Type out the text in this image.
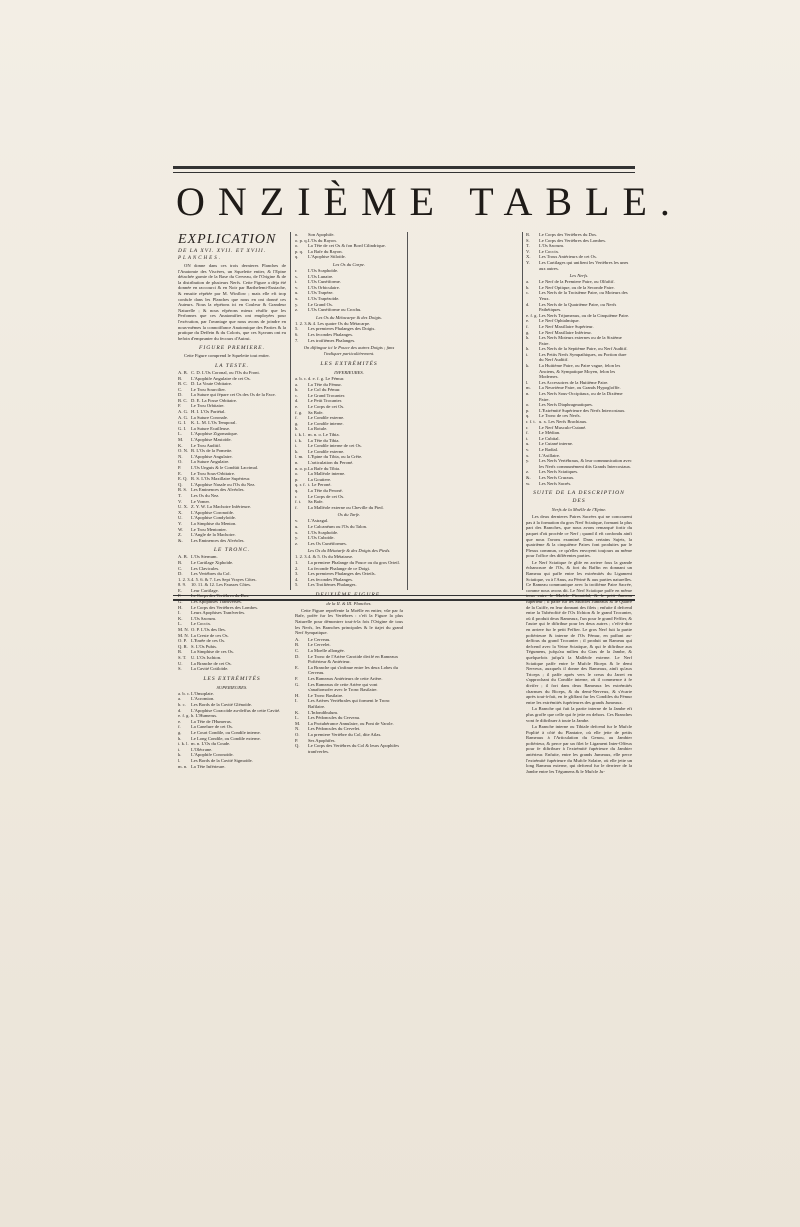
ONZIÈME TABLE.
EXPLICATION
DE LA XVI. XVII. ET XVIII.
PLANCHES.
ON donne dans ces trois dernieres Planches de l'Anatomie des Viscères, un Squelette entier, & l'Epine détachée garnie de la Base du Cerveau, de l'Origine & de la distribution de plusieurs Nerfs. Cette Figure a déja été donnée en raccourci & en Noir par Barthelemi-Eustache, & ensuite répétée par M. Winflow ; mais elle eft trop confufe dans les Planches que nous en ont donné ces Auteurs. Nous la répétons ici en Couleur & Grandeur Naturelle ; & nous efpérons mieux réuffir que les Perfonnes que ces Anatomiftes ont employées pour l'exécution, par l'avantage que nous avons de joindre en nous-mêmes la connoiffance Anatomique des Parties & la pratique du Deffein & du Coloris, que ces Sçavans ont eu befoin d'emprunter du fecours d'Autrui.
FIGURE PREMIERE.
Cette Figure comprend le Squelette tout entier.
LA TESTE.
A. B. C. D. L'Os Coronal, ou l'Os du Front.
B.	L'Apophife Angulaire de cet Os.
B. C. D. La Voute Orbitaire.
C.	Le Trou Sourcilier.
D.	La Suture qui fépare cet Os des Os de la Face.
B. C. D. E. La Fosse Orbitaire.
F.	Le Trou Orbitaire.
A. G. H. I. L'Os Pariétal.
A. G. La Suture Coronale.
G. I.	K. L. M. L'Os Temporal.
G. I.	La Suture Ecailleuse.
L.	L'Apophise Zigomatique.
M.	L'Apophise Mastoïde.
K.	Le Trou Auditif.
O. N. B. L'Os de la Pomette.
N.	L'Apophise Angulaire.
O.	La Suture Angulaire.
P.	L'Os Unguis & le Condüit Lacrimal.
E.	Le Trou Sous-Orbitaire.
E. Q. R. S. L'Os Maxillaire Supérieur.
Q.	L'Apophise Nasale ou l'Os du Nez.
R. S. Les Eminences des Alvéoles.
T.	Les Os du Nez.
V.	Le Vomer.
U. X. Z. Y. W. La Machoire Inférieure.
X.	L'Apophise Coronoïde.
U.	L'Apophise Condyloïde.
Y.	La Simphise du Menton.
W.	Le Trou Mentonier.
Z.	L'Angle de la Machoire.
&.	Les Eminences des Alvéoles.
LE TRONC.
A. B. L'Os Sternum.
B.	Le Cartilage Xiphoïde.
C.	Les Clavicules.
D.	Les Vertèbres du Col.
1. 2. 3. 4. 5. 6. & 7. Les Sept Vrayes Côtes.
8. 9.	10. 11. & 12. Les Fausses Côtes.
E.	Leur Cartilage.
F.	Le Corps des Vertèbres du Dos.
G.	Les Apophises Transverses.
H.	Le Corps des Vertèbres des Lombes.
I.	Leurs Apophises Tranfverfes.
K.	L'Os Sacrum.
L.	Le Coccix.
M. N. O. P. L'Os des Iles.
M. N. La Creste de ces Os.
O. P. L'Enrêe de ces Os.
Q. R. S. L'Os Pubis.
R.	La Simphise de ces Os.
S. T.	U. L'Os Ischion.
U.	La Branche de cet Os.
S.	La Cavité Cotiloïde.
LES EXTRÉMITÉS
SUPERIEURES.
a. b. c. L'Omoplate.
a.	L'Acromion.
b. c.	Les Bords de la Cavité Glénoïde.
d.	L'Apophise Coracoïde au-deffus de cette Cavité.
e. f. g. h. L'Humerus.
e.	La Tête de l'Humerus.
f.	La Canelure de cet Os.
g.	Le Court Condile, ou Condile interne.
h.	Le Long Condile, ou Condile externe.
i. k. l. m. n. L'Os du Coude.
i.	L'Olécrane.
k.	L'Apophife Coronoïde.
l.	Les Bords de la Cavité Sigmoïde.
m. n. La Tête Inférieure.
n.	Son Apophife.
o. p. q. L'Os du Rayon.
o.	La Tête de cet Os & fon Bord Cilindrique.
p. q.	La Bafe du Rayon.
q.	L'Apophise Stiloïde.
Les Os du Carpe.
r.	L'Os Scaphoïde.
s.	L'Os Lunaire.
t.	L'Os Cunéiforme.
v.	L'Os Orbiculaire.
u.	L'Os Trapéze.
x.	L'Os Trapézoïde.
y.	Le Grand Os.
z.	L'Os Cunéiforme ou Crochu.
Les Os du Métacarpe & des Doigts.
1. 2. 3. & 4. Les quatre Os du Métacarpe.
5.	Les premieres Phalanges des Doigts.
6.	Les fecondes Phalanges.
7.	Les troifièmes Phalanges.
On diftingue ici le Pouce des autres Doigts ; fans l'indiquer particuliérement.
LES EXTRÉMITÉS
INFERIEURES.
a. b. c. d. e. f. g. Le Fémur.
a.	La Tête du Fémur.
b.	Le Col du Fémur.
c.	Le Grand Trocanter.
d.	Le Petit Trocanter.
e.	Le Corps de cet Os.
f. g.	Sa Bafe.
f.	Le Condile externe.
g.	Le Condile interne.
h.	La Rotule.
i. k. l. m. n. o. Le Tibia.
i. k.	La Tête du Tibia.
i.	Le Condile interne de cet Os.
k.	Le Condile externe.
l. m.	L'Epine du Tibia, ou la Crête.
n.	L'articulation du Peroné.
n. o. p. La Bafe du Tibia.
o.	La Malléole interne.
p.	La Goutiere.
q. r. f. t. Le Peroné.
q.	La Tête du Peroné.
r.	Le Corps de cet Os.
f. t.	Sa Bafe.
f.	La Malléole externe ou Cheville du Pied.
Os du Tarfe.
v.	L'Astragal.
u.	Le Calcanéum ou l'Os du Talon.
x.	L'Os Scaphoïde.
y.	L'Os Cuboïde.
z.	Les Os Cunéiformes.
Les Os du Métatarfe & des Doigts des Pieds.
1. 2. 3. 4. & 5. Os du Métatarse.
1.	La premiere Phalange du Pouce ou du gros Orteil.
2.	La feconde Phalange de ce Doigt.
3.	Les premieres Phalanges des Orteils.
4.	Les fecondes Phalanges.
5.	Les Troifièmes Phalanges.
DEUXIÈME FIGURE.
de la II. & III. Planches.
Cette Figure repréfente la Moëlle en entier, vûe par fa Bafe, pofée fur les Vertèbres : c'eft la Figure la plus Naturelle pour démontrer tout-à-la fois l'Origine de tous les Nerfs, les Branches principales & le tiajet du grand Nerf Sympatique.
A.	Le Cerveau.
B.	Le Cervelet.
C.	La Moelle allongée.
D.	Le Tronc de l'Artère Carotide divifé en Rameaux Poftérieur & Antérieur.
E.	La Branche qui s'infinue entre les deux Lobes du Cerveau.
F.	Les Rameaux Antérieurs de cette Artère.
G.	Les Rameaux de cette Artère qui vont s'anaftomofer avec le Tronc Basilaire.
H.	Le Tronc Basilaire.
I.	Les Artères Vertébrales qui forment le Tronc Bafilaire.
K.	L'Infondibulum.
L.	Les Pédoncules du Cerveau.
M.	La Protubérance Annulaire, ou Pont de Varole.
N.	Les Pédoncules du Cervelet.
O.	La premiere Vertèbre du Col, dite Atlas.
P.	Ses Apophifes.
Q.	Le Corps des Vertèbres du Col & leurs Apophifes tranfverfes.
R.	Le Corps des Vertèbres du Dos.
S.	Le Corps des Vertèbres des Lombes.
T.	L'Os Sacrum.
V.	Le Coccix.
X.	Les Trous Antérieurs de cet Os.
Y.	Les Cartilages qui unifient les Vertèbres les unes aux autres.
Les Nerfs.
a.	Le Nerf de la Premiere Paire, ou Olfaftif.
b.	Le Nerf Optique, ou de la Seconde Paire.
c.	Les Nerfs de la Troisième Paire, ou Moteurs des Yeux.
d.	Les Nerfs de la Quatrième Paire, ou Nerfs Pathétiques.
e. f. g. Les Nerfs Trijumeaux, ou de la Cinquième Paire.
e.	Le Nerf Ophtalmique.
f.	Le Nerf Maxillaire Supérieur.
g.	Le Nerf Maxillaire Inférieur.
h.	Les Nerfs Moteurs externes ou de la Sixième Paire.
h.	Les Nerfs de la Septième Paire, ou Nerf Auditif.
i.	Les Petits Nerfs Sympathiques, ou Portion dure du Nerf Auditif.
k.	La Huitième Paire, ou Paire vague, felon les Anciens, & Sympatique Moyen, felon les Modernes.
l.	Les Accessoires de la Huitième Paire.
m.	La Neuvième Paire, ou Grands Hypoglofffe.
n.	Les Nerfs Sous-Occipitaux, ou de la Dixième Paire.
o.	Les Nerfs Diaphragmatiques.
p.	L'Extrémité Supérieure des Nerfs Intercostaux.
q.	Le Tronc de ces Nerfs.
r. f. t. u. x. Les Nerfs Brachiaux.
r.	Le Nerf Musculo-Cutané.
f.	Le Médian.
t.	Le Cubital.
u.	Le Cutané interne.
v.	Le Radial.
x.	L'Axillaire.
y.	Les Nerfs Vertébraux, & leur communication avec les Nerfs communément dits Grands Intercostaux.
z.	Les Nerfs Sciatiques.
&.	Les Nerfs Cruraux.
w.	Les Nerfs Sacrés.
SUITE DE LA DESCRIPTION DES
Nerfs de la Moëlle de l'Epine.
Les deux dernieres Paires Sacrées qui ne concourent pas à la formation du gros Nerf Sciatique, formant la plus part des Branches, que nous avons remarqué fortir du paquet d'où procède ce Nerf ; quand il eft confondu ainfi que nous l'avons examiné. Dans certains Sujets, la quatrième & la cinquième Paires font produites par le Plexus commun, ce qu'elles envoyent toujours au même pour l'office des différentes parties.
Le Nerf Sciatique fe glife en arriere fous la grande échancrure de l'Os, & fort du Baffin en donnant un Rameau qui paffe entre les extrémités du Ligament Sciatique, va à l'Anus, au Périné & aux parties naturelles. Ce Rameau communique avec la troifième Paire Sacrée, comme nous avons dit. Le Nerf Sciatique paffe en même tems entre le Mufcle Piramidal, & le petit Jumeau fupérieur ; il paffe fur les Mufcles Jumeaux & le Quarré de la Cuiffe, en leur donnant des filets ; enfuite il defcend entre la Tubérofité de l'Os Ifchion & le grand Trocanter, où il produit deux Rameaux, l'un pour le grand Feffier, & l'autre qui fe diftribue pour les deux autres ; c'eft-à-dire en arriere fur le petit Feffier. Le gros Nerf fuit la partie poftérieure & interne de l'Os Fémur, en paffant au-deffous du grand Trocanter ; il produit un Rameau qui defcend avec la Veine Sciatique, & qui fe diftribue aux Tégumens, jufqu'au milieu du Gras de la Jambe, & quelquefois jufqu'à la Malléole externe. Le Nerf Sciatique paffe entre le Mufcle Biceps & le demi Nerveux, auxquels il donne des Rameaux, ainfi qu'aux Triceps ; il paffe après vers le creux du Jarret en s'approchant du Condile interne, où il commence à fe divifer ; il fort dans deux Rameaux les extrémités charnues du Biceps, & du demi-Nerveux, & s'écarte après tout-à-fait, en fe gliffant fur les Condiles du Fémur entre les extrémités fupérieures des grands Jumeaux.
La Branche qui fuit la partie interne de la Jambe eft plus groffe que celle qui fe jette en dehors. Ces Branches vont fe diftribuer à toute la Jambe.
La Branche interne ou Tibiale defcend fur le Mufcle Poplité à côté du Plantaire, où elle jette de petits Rameaux à l'Articulation du Genou, au Jambier poftérieur, & perce par un filet le Ligament Inter-Offeux pour fe diftribuer à l'extrémité fupérieure du Jambier antérieur. Enfuite, entre les grands Jumeaux, elle perce l'extrémité fupérieure du Mufcle Solaire, où elle jette un long Rameau externe, qui defcend fur le derriere de la Jambe entre les Tégumens & le Mufcle Ju-
